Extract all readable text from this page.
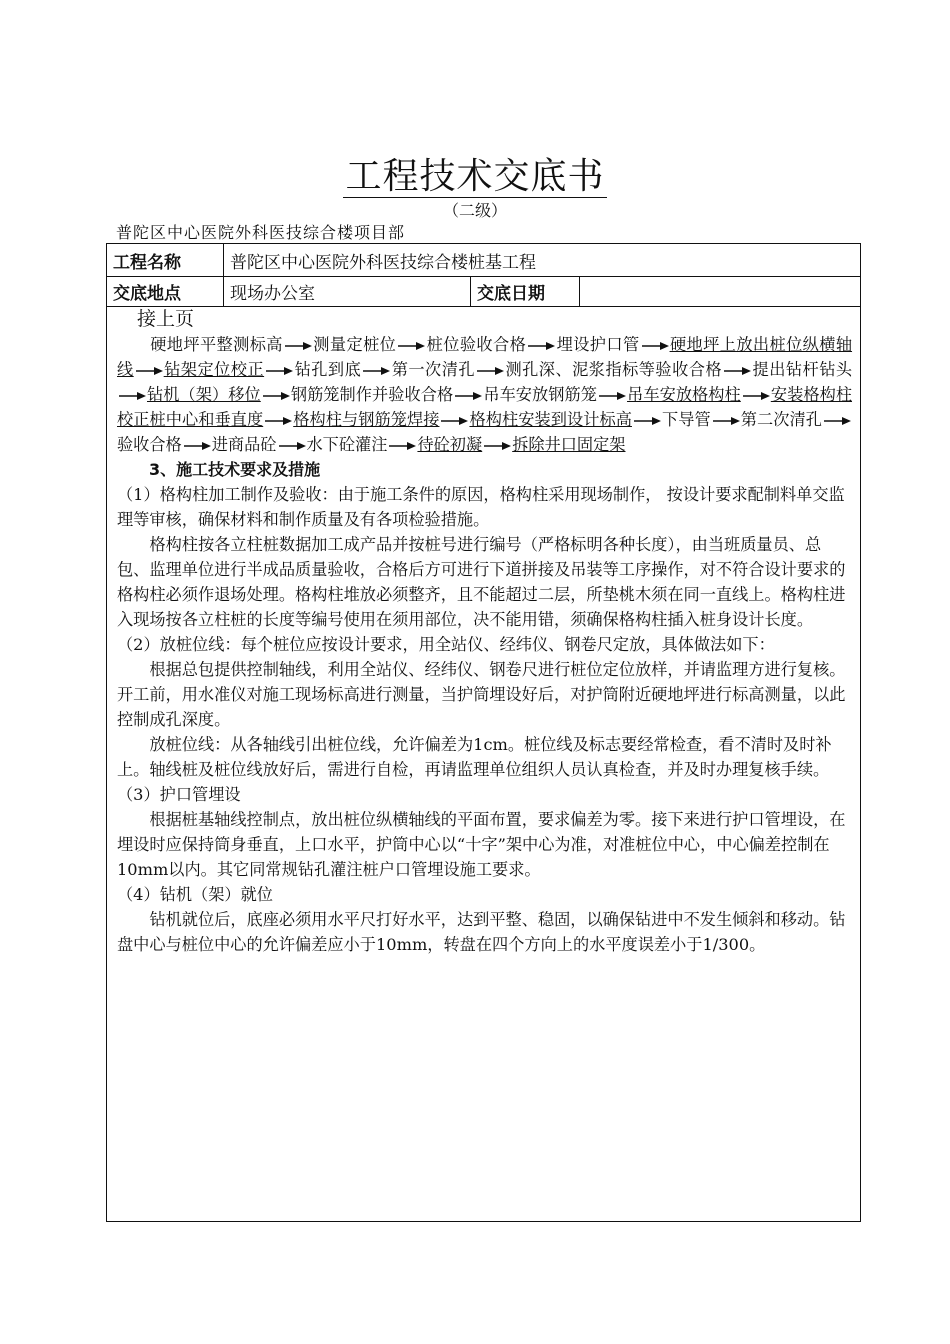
工程技术交底书
（二级）
普陀区中心医院外科医技综合楼项目部
工程名称	普陀区中心医院外科医技综合楼桩基工程
交底地点	现场办公室	交底日期
接上页
　　硬地坪平整测标高 测量定桩位 桩位验收合格 埋设护口管 硬地坪上放出桩位纵横轴线 钻架定位校正 钻孔到底 第一次清孔 测孔深、泥浆指标等验收合格 提出钻杆钻头钻机（架）移位 钢筋笼制作并验收合格 吊车安放钢筋笼 吊车安放格构柱 安装格构柱校正桩中心和垂直度 格构柱与钢筋笼焊接 格构柱安装到设计标高 下导管 第二次清孔验收合格 进商品砼 水下砼灌注 待砼初凝 拆除井口固定架
3、施工技术要求及措施

（1）格构柱加工制作及验收：由于施工条件的原因，格构柱采用现场制作， 按设计要求配制料单交监理等审核，确保材料和制作质量及有各项检验措施。

格构柱按各立柱桩数据加工成产品并按桩号进行编号（严格标明各种长度），由当班质量员、总包、监理单位进行半成品质量验收，合格后方可进行下道拼接及吊装等工序操作，对不符合设计要求的格构柱必须作退场处理。格构柱堆放必须整齐，且不能超过二层，所垫桃木须在同一直线上。格构柱进入现场按各立柱桩的长度等编号使用在须用部位，决不能用错，须确保格构柱插入桩身设计长度。

（2）放桩位线：每个桩位应按设计要求，用全站仪、经纬仪、钢卷尺定放，具体做法如下：

根据总包提供控制轴线，利用全站仪、经纬仪、钢卷尺进行桩位定位放样，并请监理方进行复核。开工前，用水准仪对施工现场标高进行测量，当护筒埋设好后，对护筒附近硬地坪进行标高测量，以此控制成孔深度。

放桩位线：从各轴线引出桩位线，允许偏差为1cm。桩位线及标志要经常检查，看不清时及时补上。轴线桩及桩位线放好后，需进行自检，再请监理单位组织人员认真检查，并及时办理复核手续。

（3）护口管埋设

根据桩基轴线控制点，放出桩位纵横轴线的平面布置，要求偏差为零。接下来进行护口管埋设，在埋设时应保持筒身垂直，上口水平，护筒中心以“十字”架中心为准，对准桩位中心，中心偏差控制在10mm以内。其它同常规钻孔灌注桩户口管埋设施工要求。

（4）钻机（架）就位

钻机就位后，底座必须用水平尺打好水平，达到平整、稳固，以确保钻进中不发生倾斜和移动。钻盘中心与桩位中心的允许偏差应小于10mm，转盘在四个方向上的水平度误差小于1/300。
